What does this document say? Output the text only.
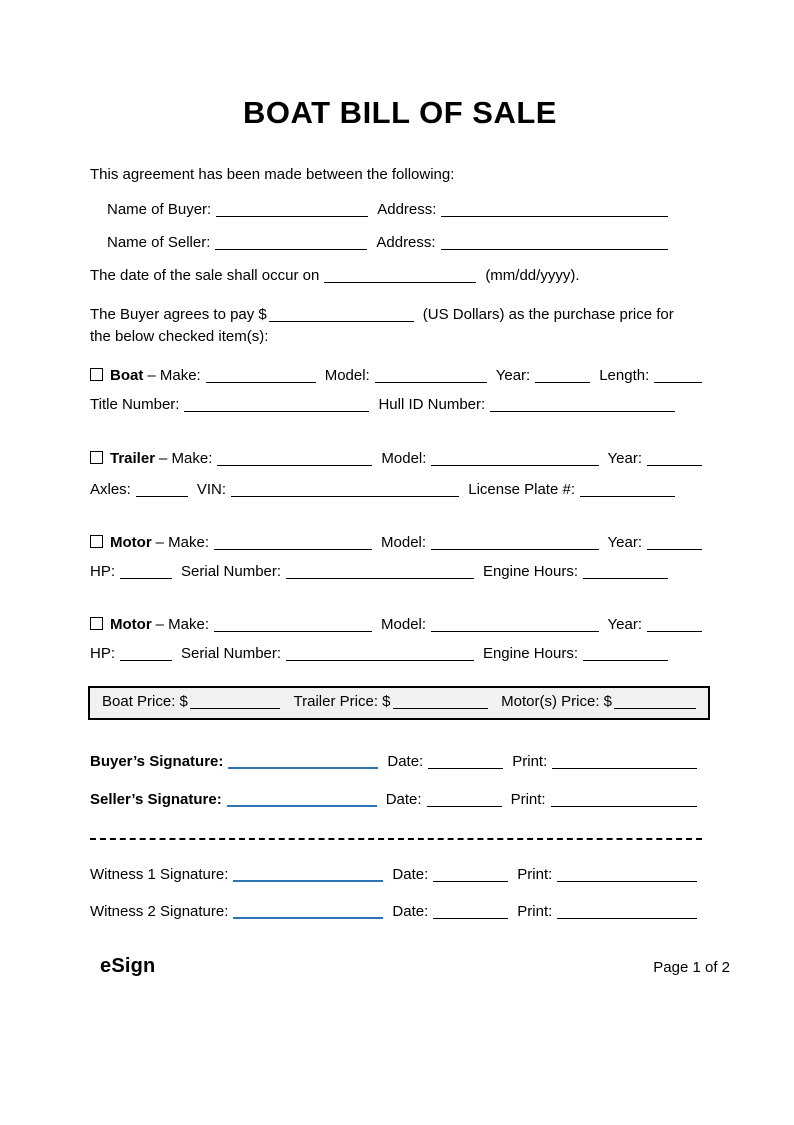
BOAT BILL OF SALE

This agreement has been made between the following:

Name of Buyer:	Address:
Name of Seller:	Address:
The date of the sale shall occur on	(mm/dd/yyyy).
The Buyer agrees to pay $	(US Dollars) as the purchase price for
the below checked item(s):
Boat – Make:	Model:	Year:	Length:
Title Number:	Hull ID Number:
Trailer – Make:	Model:	Year:
Axles:	VIN:	License Plate #:
Motor – Make:	Model:	Year:
HP:	Serial Number:	Engine Hours:
Motor – Make:	Model:	Year:
HP:	Serial Number:	Engine Hours:
Boat Price: $	Trailer Price: $	Motor(s) Price: $
Buyer’s Signature:	Date:	Print:
Seller’s Signature:	Date:	Print:
Witness 1 Signature:	Date:	Print:
Witness 2 Signature:	Date:	Print:
eSign	Page 1 of 2
